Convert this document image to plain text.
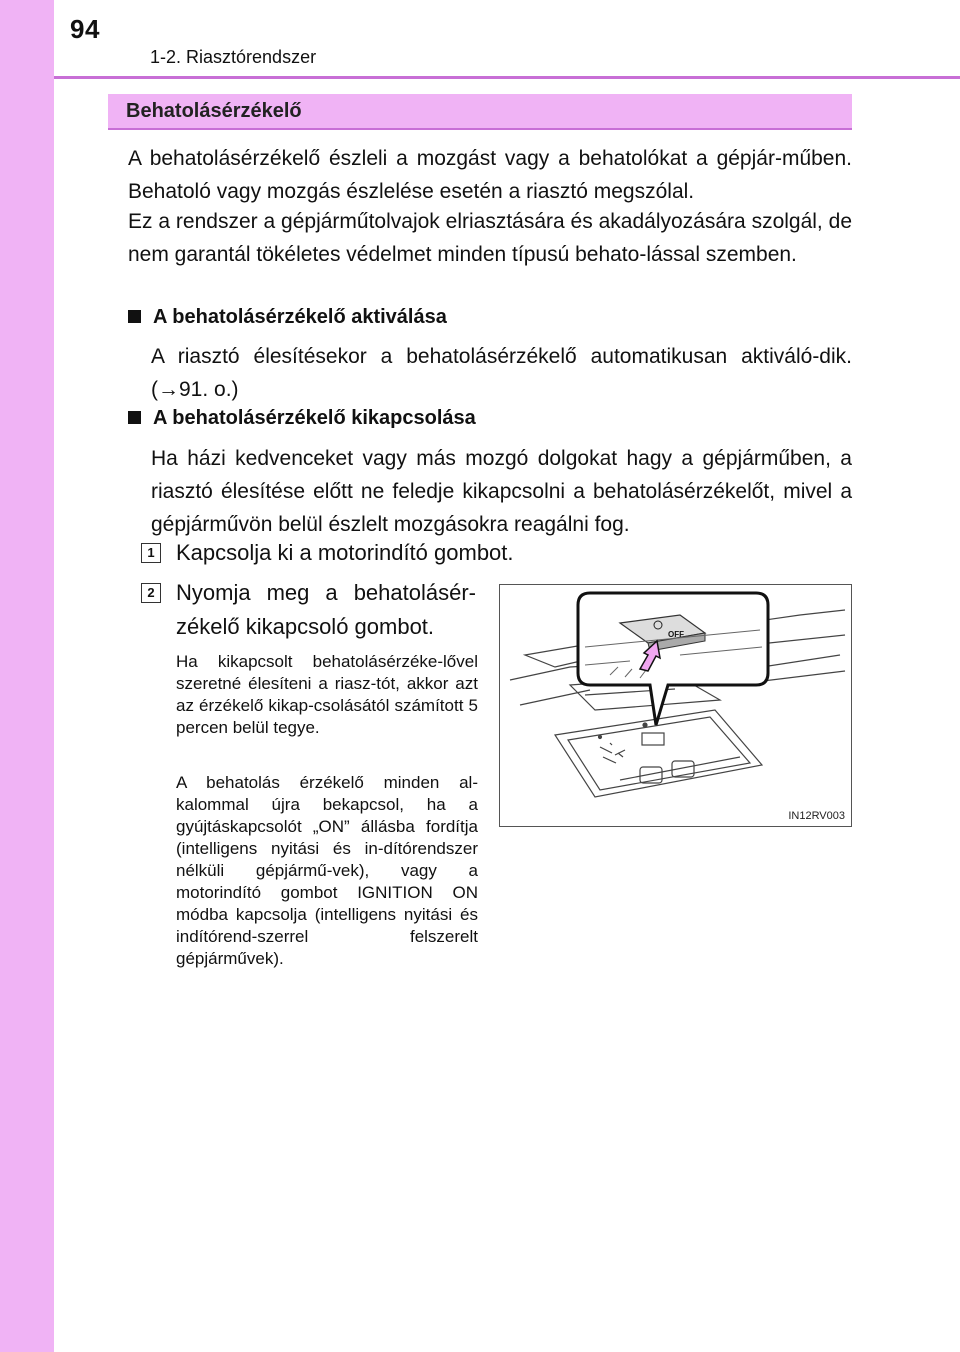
94
1-2. Riasztórendszer
Behatolásérzékelő
A behatolásérzékelő észleli a mozgást vagy a behatolókat a gépjár-műben. Behatoló vagy mozgás észlelése esetén a riasztó megszólal.
Ez a rendszer a gépjárműtolvajok elriasztására és akadályozására szolgál, de nem garantál tökéletes védelmet minden típusú behato-lással szemben.
A behatolásérzékelő aktiválása
A riasztó élesítésekor a behatolásérzékelő automatikusan aktiváló-dik. (→91. o.)
A behatolásérzékelő kikapcsolása
Ha házi kedvenceket vagy más mozgó dolgokat hagy a gépjárműben, a riasztó élesítése előtt ne feledje kikapcsolni a behatolásérzékelőt, mivel a gépjárművön belül észlelt mozgásokra reagálni fog.
1 Kapcsolja ki a motorindító gombot.
2 Nyomja meg a behatolásér-zékelő kikapcsoló gombot.
Ha kikapcsolt behatolásérzéke-lővel szeretné élesíteni a riasz-tót, akkor azt az érzékelő kikap-csolásától számított 5 percen belül tegye.
A behatolás érzékelő minden al-kalommal újra bekapcsol, ha a gyújtáskapcsolót „ON” állásba fordítja (intelligens nyitási és in-dítórendszer nélküli gépjármű-vek), vagy a motorindító gombot IGNITION ON módba kapcsolja (intelligens nyitási és indítórend-szerrel felszerelt gépjárművek).
OFF
IN12RV003
